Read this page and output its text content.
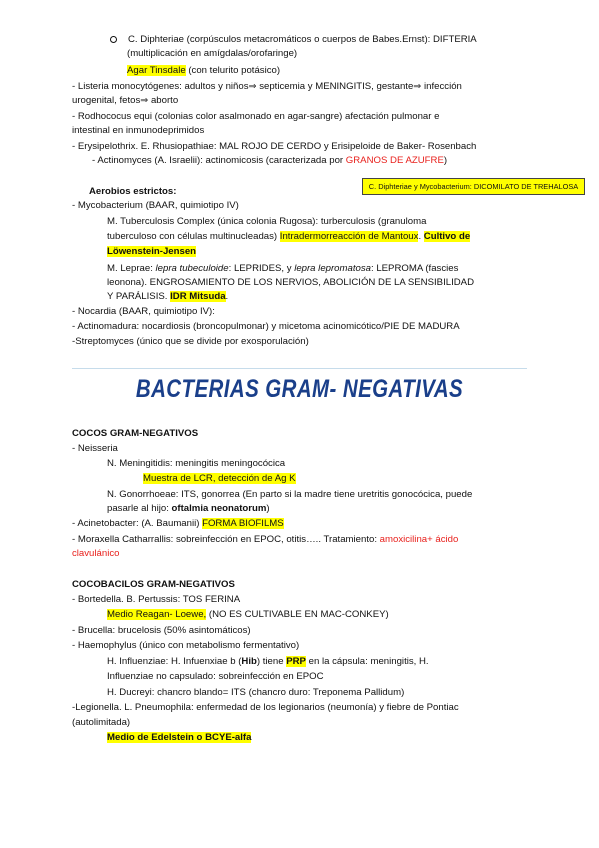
C. Diphteriae (corpúsculos metacromáticos o cuerpos de Babes.Ernst): DIFTERIA
(multiplicación en amígdalas/orofaringe)
Agar Tinsdale (con telurito potásico)
- Listeria monocytógenes: adultos y niños⇒ septicemia y MENINGITIS, gestante⇒ infección
urogenital, fetos⇒ aborto
- Rodhococus equi (colonias color asalmonado en agar-sangre) afectación pulmonar e
intestinal en inmunodeprimidos
- Erysipelothrix. E. Rhusiopathiae: MAL ROJO DE CERDO y Erisipeloide de Baker- Rosenbach
- Actinomyces (A. Israelii): actinomicosis (caracterizada por GRANOS DE AZUFRE)
C. Diphteriae y Mycobacterium: DICOMILATO DE TREHALOSA
Aerobios estrictos:
- Mycobacterium (BAAR, quimiotipo IV)
M. Tuberculosis Complex (única colonia Rugosa): turberculosis (granuloma
tuberculoso con células multinucleadas) Intradermorreacción de Mantoux. Cultivo de
Löwenstein-Jensen
M. Leprae: lepra tubeculoide: LEPRIDES, y lepra lepromatosa: LEPROMA (fascies
leonona). ENGROSAMIENTO DE LOS NERVIOS, ABOLICIÓN DE LA SENSIBILIDAD
Y PARÁLISIS. IDR Mitsuda.
- Nocardia (BAAR, quimiotipo IV):
- Actinomadura: nocardiosis (broncopulmonar) y micetoma acinomicótico/PIE DE MADURA
-Streptomyces (único que se divide por exosporulación)
BACTERIAS GRAM- NEGATIVAS
COCOS GRAM-NEGATIVOS
- Neisseria
N. Meningitidis: meningitis meningocócica
Muestra de LCR, detección de Ag K
N. Gonorrhoeae: ITS, gonorrea (En parto si la madre tiene uretritis gonocócica, puede
pasarle al hijo: oftalmia neonatorum)
- Acinetobacter: (A. Baumanii) FORMA BIOFILMS
- Moraxella Catharrallis: sobreinfección en EPOC, otitis….. Tratamiento: amoxicilina+ ácido
clavulánico
COCOBACILOS GRAM-NEGATIVOS
- Bortedella. B. Pertussis: TOS FERINA
Medio Reagan- Loewe, (NO ES CULTIVABLE EN MAC-CONKEY)
- Brucella: brucelosis (50% asintomáticos)
- Haemophylus (único con metabolismo fermentativo)
H. Influenziae: H. Infuenxiae b (Hib) tiene PRP en la cápsula: meningitis, H.
Influenziae no capsulado: sobreinfección en EPOC
H. Ducreyi: chancro blando= ITS (chancro duro: Treponema Pallidum)
-Legionella. L. Pneumophila: enfermedad de los legionarios (neumonía) y fiebre de Pontiac
(autolimitada)
Medio de Edelstein o BCYE-alfa
